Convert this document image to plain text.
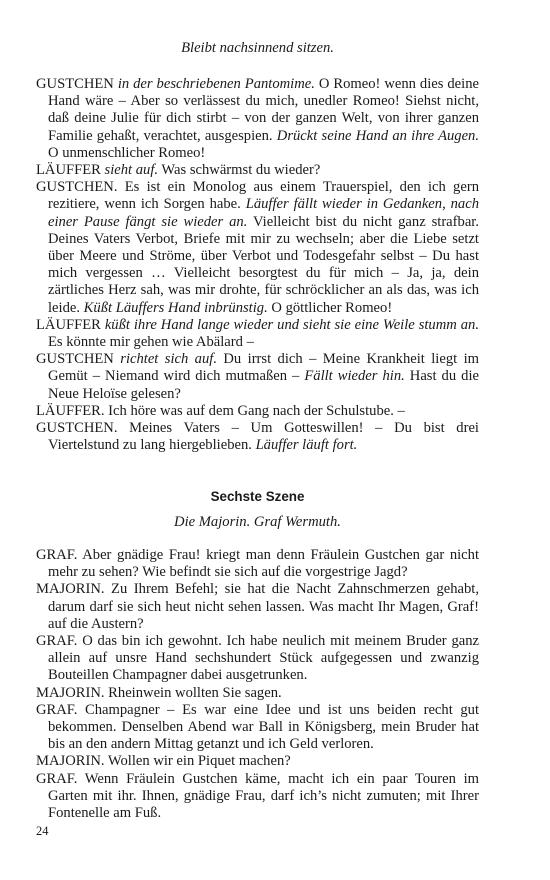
Bleibt nachsinnend sitzen.

GUSTCHEN in der beschriebenen Pantomime. O Romeo! wenn dies deine Hand wäre – Aber so verlässest du mich, unedler Romeo! Siehst nicht, daß deine Julie für dich stirbt – von der ganzen Welt, von ihrer ganzen Familie gehaßt, verachtet, ausgespien. Drückt seine Hand an ihre Augen. O unmenschlicher Romeo!

LÄUFFER sieht auf. Was schwärmst du wieder?

GUSTCHEN. Es ist ein Monolog aus einem Trauerspiel, den ich gern rezitiere, wenn ich Sorgen habe. Läuffer fällt wieder in Gedanken, nach einer Pause fängt sie wieder an. Vielleicht bist du nicht ganz strafbar. Deines Vaters Verbot, Briefe mit mir zu wechseln; aber die Liebe setzt über Meere und Ströme, über Verbot und Todesgefahr selbst – Du hast mich vergessen … Vielleicht besorgtest du für mich – Ja, ja, dein zärtliches Herz sah, was mir drohte, für schröcklicher an als das, was ich leide. Küßt Läuffers Hand inbrünstig. O göttlicher Romeo!

LÄUFFER küßt ihre Hand lange wieder und sieht sie eine Weile stumm an. Es könnte mir gehen wie Abälard –

GUSTCHEN richtet sich auf. Du irrst dich – Meine Krankheit liegt im Gemüt – Niemand wird dich mutmaßen – Fällt wieder hin. Hast du die Neue Heloïse gelesen?

LÄUFFER. Ich höre was auf dem Gang nach der Schulstube. –

GUSTCHEN. Meines Vaters – Um Gotteswillen! – Du bist drei Viertelstund zu lang hiergeblieben. Läuffer läuft fort.

Sechste Szene
Die Majorin. Graf Wermuth.

GRAF. Aber gnädige Frau! kriegt man denn Fräulein Gustchen gar nicht mehr zu sehen? Wie befindt sie sich auf die vorgestrige Jagd?

MAJORIN. Zu Ihrem Befehl; sie hat die Nacht Zahnschmerzen gehabt, darum darf sie sich heut nicht sehen lassen. Was macht Ihr Magen, Graf! auf die Austern?

GRAF. O das bin ich gewohnt. Ich habe neulich mit meinem Bruder ganz allein auf unsre Hand sechshundert Stück aufgegessen und zwanzig Bouteillen Champagner dabei ausgetrunken.

MAJORIN. Rheinwein wollten Sie sagen.

GRAF. Champagner – Es war eine Idee und ist uns beiden recht gut bekommen. Denselben Abend war Ball in Königsberg, mein Bruder hat bis an den andern Mittag getanzt und ich Geld verloren.

MAJORIN. Wollen wir ein Piquet machen?

GRAF. Wenn Fräulein Gustchen käme, macht ich ein paar Touren im Garten mit ihr. Ihnen, gnädige Frau, darf ich’s nicht zumuten; mit Ihrer Fontenelle am Fuß.

24
